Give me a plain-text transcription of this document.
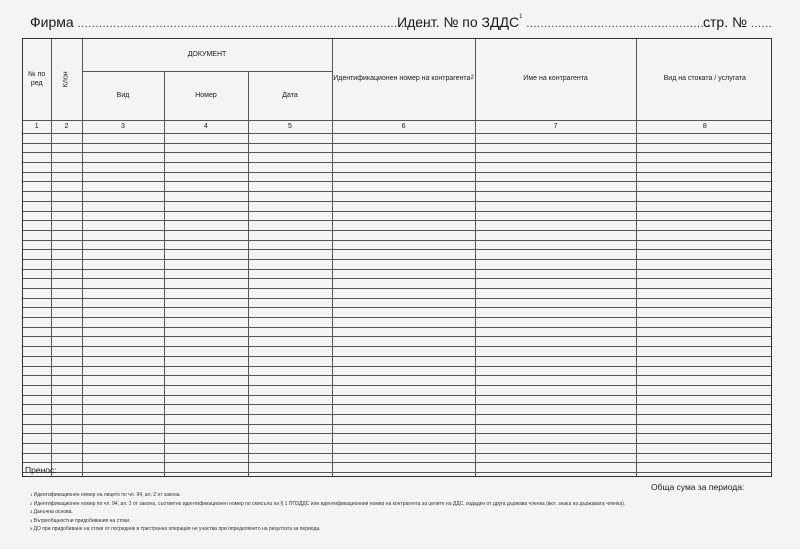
Фирма ....................................................................................................
Идент. № по ЗДДС$^1$ ....................................................
стр. № ......
№ по ред	Клон	ДОКУМЕНТ			Идентификационен номер на контрагента$^2$	Име на контрагента	Вид на стоката / услугата
		Вид	Номер	Дата			
1	2	3	4	5	6	7	8

Пренос:
Обща сума за периода:
$^1$ Идентификационен номер на лицето по чл. 94, ал. 2 от закона.
$^2$ Идентификационен номер по чл. 94, ал. 2 от закона, съответно идентификационен номер по смисъла на § 1 ППЗДДС или идентификационния номер на контрагента за целите на ДДС, издаден от друга държава членка (вкл. знака на държавата членка).
$^3$ Данъчна основа.
$^4$ Вътреобщностни придобивания на стоки.
$^5$ ДО при придобиване на стоки от посредник в тристранна операция не участва при определянето на резултата за периода.
